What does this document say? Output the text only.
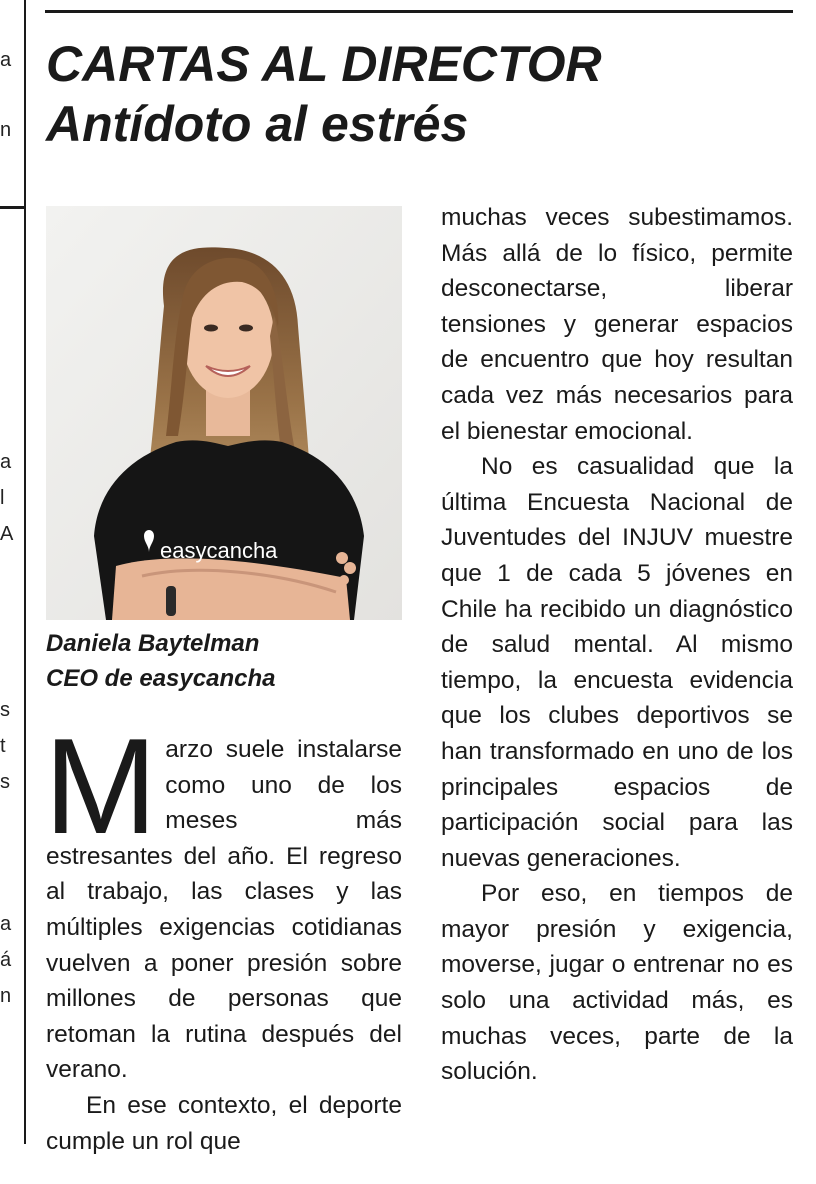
a
n
a
l
A
s
t
s
a
á
n
CARTAS AL DIRECTOR
Antídoto al estrés
easycancha
Daniela Baytelman
CEO de easycancha

Marzo suele instalarse como uno de los meses más estresantes del año. El regreso al trabajo, las clases y las múltiples exigencias cotidianas vuelven a poner presión sobre millones de personas que retoman la rutina después del verano.

En ese contexto, el deporte cumple un rol que

muchas veces subestimamos. Más allá de lo físico, permite desconectarse, liberar tensiones y generar espacios de encuentro que hoy resultan cada vez más necesarios para el bienestar emocional.

No es casualidad que la última Encuesta Nacional de Juventudes del INJUV muestre que 1 de cada 5 jóvenes en Chile ha recibido un diagnóstico de salud mental. Al mismo tiempo, la encuesta evidencia que los clubes deportivos se han transformado en uno de los principales espacios de participación social para las nuevas generaciones.

Por eso, en tiempos de mayor presión y exigencia, moverse, jugar o entrenar no es solo una actividad más, es muchas veces, parte de la solución.
